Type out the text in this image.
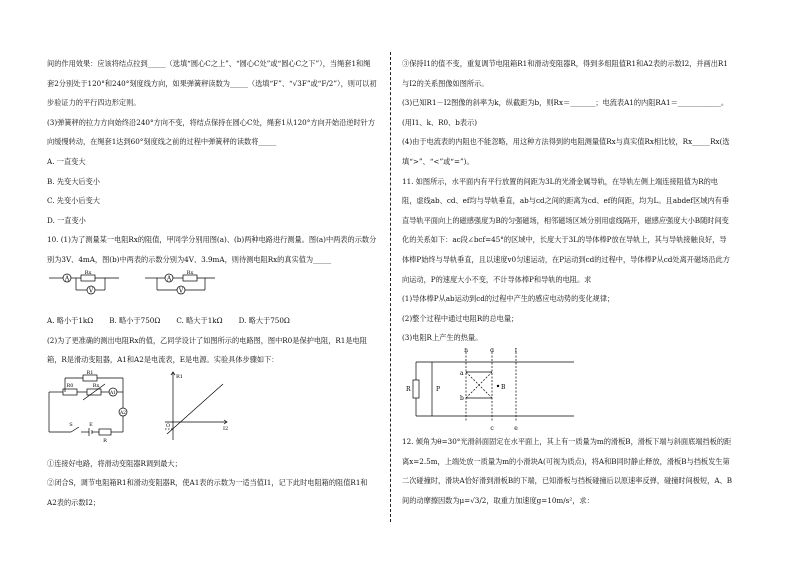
间的作用效果：应该将结点拉到_____（选填“圆心C之上”、“圆心C处”或“圆心C之下”），当绳套1和绳套2分别处于120°和240°刻度线方向，如果弹簧秤读数为_____（选填“F”、“√3F”或“F/2”），则可以初步验证力的平行四边形定则。

(3)弹簧秤的拉力方向始终沿240°方向不变，将结点保持在圆心C处，绳套1从120°方向开始沿逆时针方向缓慢转动，在绳套1达到60°刻度线之前的过程中弹簧秤的读数将_____

A. 一直变大

B. 先变大后变小

C. 先变小后变大

D. 一直变小

10. (1)为了测量某一电阻Rx的阻值，甲同学分别用图(a)、(b)两种电路进行测量。图(a)中两表的示数分别为3V、4mA，图(b)中两表的示数分别为4V、3.9mA，则待测电阻Rx的真实值为_____

A
V
Rx
A
V
Rx
A. 略小于1kΩ B. 略小于750Ω C. 略大于1kΩ D. 略大于750Ω

(2)为了更准确的测出电阻Rx的值，乙同学设计了如图所示的电路图，图中R0是保护电阻，R1是电阻箱，R是滑动变阻器，A1和A2是电流表，E是电源。实验具体步骤如下：

R1
R0	Rx
A1
A2
S	E
R
R1
I2
O

①连接好电路，将滑动变阻器R调到最大；

②闭合S，调节电阻箱R1和滑动变阻器R，使A1表的示数为一适当值I1，记下此时电阻箱的阻值R1和A2表的示数I2；

③保持I1的值不变，重复调节电阻箱R1和滑动变阻器R，得到多组阻值R1和A2表的示数I2，并画出R1与I2的关系图像如图所示。

(3)已知R1－I2图像的斜率为k，纵截距为b，则Rx＝_______；电流表A1的内阻RA1＝____________。(用I1、k、R0、b表示)

(4)由于电流表的内阻也不能忽略，用这种方法得到的电阻测量值Rx与真实值Rx相比较，Rx_____Rx(选填“>”、“<”或“=”)。

11. 如图所示，水平面内有平行放置的间距为3L的光滑金属导轨，在导轨左侧上端连接阻值为R的电阻，虚线ab、cd、ef均与导轨垂直，ab与cd之间的距离为cd、ef的间距，均为L。且abdef区域内有垂直导轨平面向上的磁感强度为B的匀强磁场，相邻磁场区域分别用虚线隔开，磁感应强度大小B随时间变化的关系如下：ac段∠bcf=45°的区域中，长度大于3L的导体棒P放在导轨上，其与导轨接触良好，导体棒P始终与导轨垂直，且以速度v0匀速运动，在P运动到cd的过程中，导体棒P从cd处离开磁场沿此方向运动，P的速度大小不变，不计导体棒P和导轨的电阻。求

(1)导体棒P从ab运动到cd的过程中产生的感应电动势的变化规律；

(2)整个过程中通过电阻R的总电量；

(3)电阻R上产生的热量。

h	d	f
a
b
c	e
R	P	B

12. 倾角为θ=30°光滑斜面固定在水平面上，其上有一质量为m的滑板B，滑板下端与斜面底端挡板的距离x=2.5m，上端处放一质量为m的小滑块A(可视为质点)，将A和B同时静止释放，滑板B与挡板发生第二次碰撞时，滑块A恰好滑到滑板B的下端，已知滑板与挡板碰撞后以原速率反弹，碰撞时间极短，A、B间的动摩擦因数为μ=√3/2，取重力加速度g=10m/s²，求：
